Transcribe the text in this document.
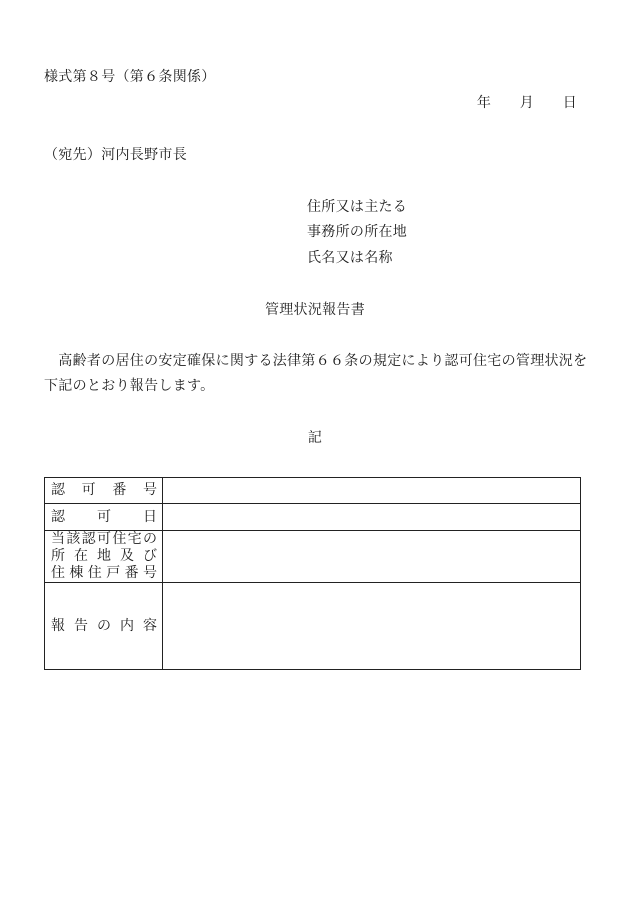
様式第８号（第６条関係）
年　　月　　日
（宛先）河内長野市長
住所又は主たる
事務所の所在地
氏名又は名称
管理状況報告書
　高齢者の居住の安定確保に関する法律第６６条の規定により認可住宅の管理状況を
下記のとおり報告します。
記
認可番号
認可日
当該認可住宅の
所在地及び
住棟住戸番号
報告の内容
